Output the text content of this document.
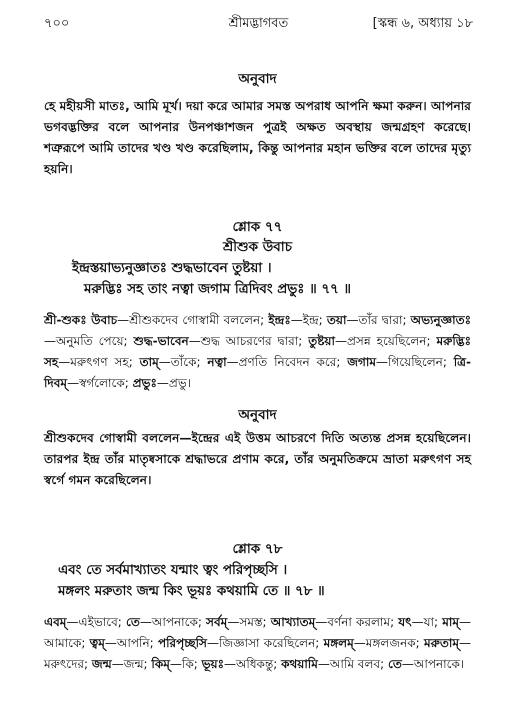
৭০০	শ্রীমদ্ভাগবত	[স্কন্ধ ৬, অধ্যায় ১৮
অনুবাদ
হে মহীয়সী মাতঃ, আমি মূর্খ। দয়া করে আমার সমস্ত অপরাধ আপনি ক্ষমা করুন। আপনার ভগবদ্ভক্তির বলে আপনার উনপঞ্চাশজন পুত্রই অক্ষত অবস্থায় জন্মগ্রহণ করেছে। শত্রুরূপে আমি তাদের খণ্ড খণ্ড করেছিলাম, কিন্তু আপনার মহান ভক্তির বলে তাদের মৃত্যু হয়নি।
শ্লোক ৭৭
শ্রীশুক উবাচ
ইন্দ্রস্তয়াভ্যনুজ্ঞাতঃ শুদ্ধভাবেন তুষ্টয়া ।
মরুদ্ভিঃ সহ তাং নত্বা জগাম ত্রিদিবং প্রভুঃ ॥ ৭৭ ॥
শ্রী-শুকঃ উবাচ—শ্রীশুকদেব গোস্বামী বললেন; ইন্দ্রঃ—ইন্দ্র; তয়া—তাঁর দ্বারা; অভ্যনুজ্ঞাতঃ—অনুমতি পেয়ে; শুদ্ধ-ভাবেন—শুদ্ধ আচরণের দ্বারা; তুষ্টয়া—প্রসন্ন হয়েছিলেন; মরুদ্ভিঃ সহ—মরুৎগণ সহ; তাম্—তাঁকে; নত্বা—প্রণতি নিবেদন করে; জগাম—গিয়েছিলেন; ত্রি-দিবম্—স্বর্গলোকে; প্রভুঃ—প্রভু।
অনুবাদ
শ্রীশুকদেব গোস্বামী বললেন—ইন্দ্রের এই উত্তম আচরণে দিতি অত্যন্ত প্রসন্ন হয়েছিলেন। তারপর ইন্দ্র তাঁর মাতৃষ্বসাকে শ্রদ্ধাভরে প্রণাম করে, তাঁর অনুমতিক্রমে ভ্রাতা মরুৎগণ সহ স্বর্গে গমন করেছিলেন।
শ্লোক ৭৮
এবং তে সর্বমাখ্যাতং যন্মাং ত্বং পরিপৃচ্ছসি ।
মঙ্গলং মরুতাং জন্ম কিং ভূয়ঃ কথয়ামি তে ॥ ৭৮ ॥
এবম্—এইভাবে; তে—আপনাকে; সর্বম্—সমস্ত; আখ্যাতম্—বর্ণনা করলাম; যৎ—যা; মাম্—আমাকে; ত্বম্—আপনি; পরিপৃচ্ছসি—জিজ্ঞাসা করেছিলেন; মঙ্গলম্—মঙ্গলজনক; মরুতাম্—মরুৎদের; জন্ম—জন্ম; কিম্—কি; ভূয়ঃ—অধিকন্তু; কথয়ামি—আমি বলব; তে—আপনাকে।
